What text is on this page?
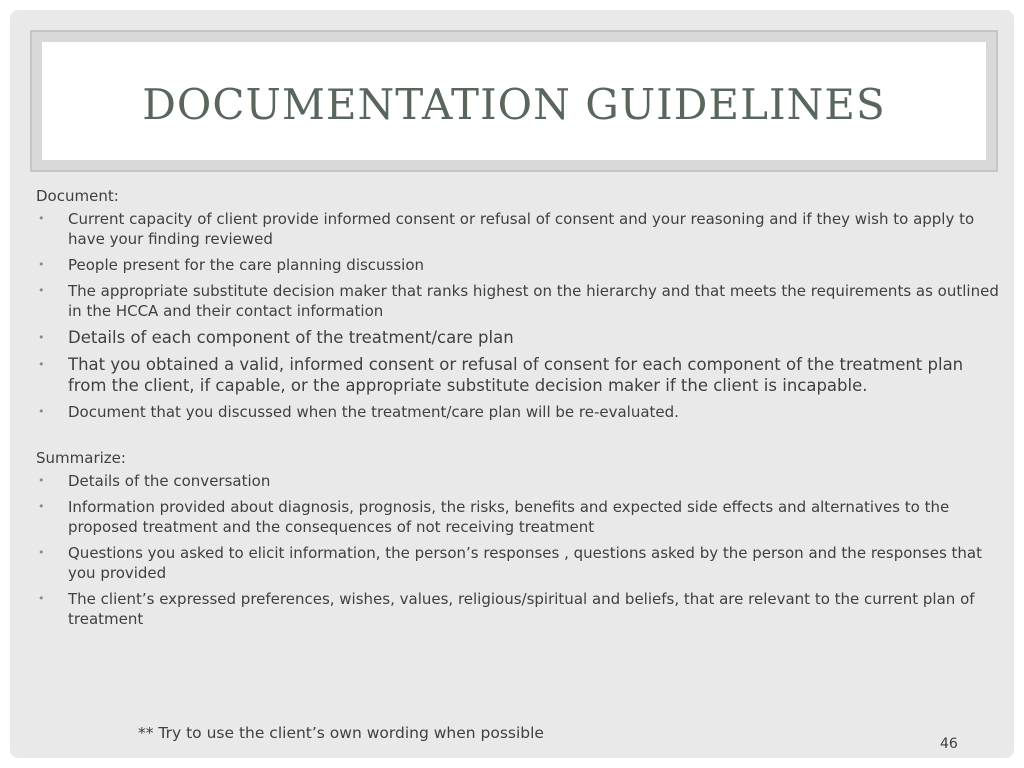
DOCUMENTATION GUIDELINES
Document:
• Current capacity of client provide informed consent or refusal of consent and your reasoning and if they wish to apply to have your finding reviewed
• People present for the care planning discussion
• The appropriate substitute decision maker that ranks highest on the hierarchy and that meets the requirements as outlined in the HCCA and their contact information
• Details of each component of the treatment/care plan
• That you obtained a valid, informed consent or refusal of consent for each component of the treatment plan from the client, if capable, or the appropriate substitute decision maker if the client is incapable.
• Document that you discussed when the treatment/care plan will be re-evaluated.
Summarize:
• Details of the conversation
• Information provided about diagnosis, prognosis, the risks, benefits and expected side effects and alternatives to the proposed treatment and the consequences of not receiving treatment
• Questions you asked to elicit information, the person’s responses , questions asked by the person and the responses that you provided
• The client’s expressed preferences, wishes, values, religious/spiritual and beliefs, that are relevant to the current plan of treatment
** Try to use the client’s own wording when possible
46
